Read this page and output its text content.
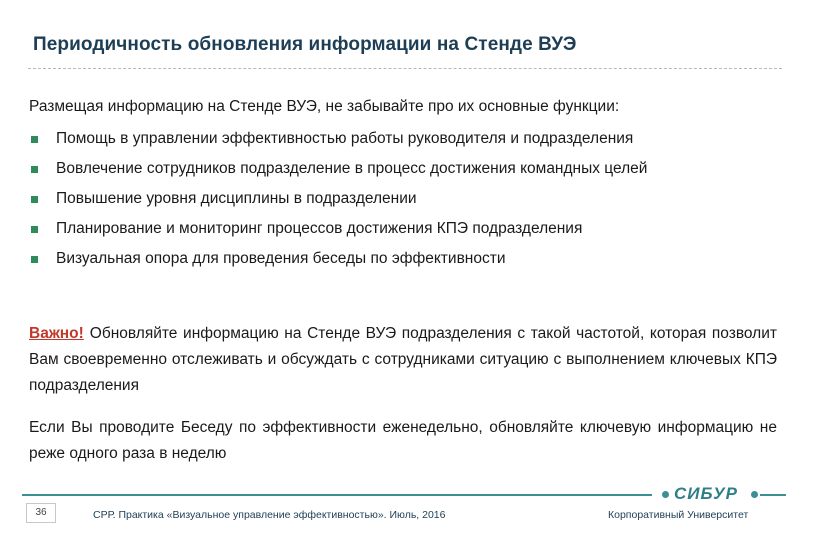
Периодичность обновления информации на Стенде ВУЭ
Размещая информацию на Стенде ВУЭ, не забывайте про их основные функции:
Помощь в управлении эффективностью работы руководителя и подразделения
Вовлечение сотрудников подразделение в процесс достижения командных целей
Повышение уровня дисциплины в подразделении
Планирование и мониторинг процессов достижения КПЭ подразделения
Визуальная опора для проведения беседы по эффективности
Важно! Обновляйте информацию на Стенде ВУЭ подразделения с такой частотой, которая позволит Вам своевременно отслеживать и обсуждать с сотрудниками ситуацию с выполнением ключевых КПЭ подразделения
Если Вы проводите Беседу по эффективности еженедельно, обновляйте ключевую информацию не реже одного раза в неделю
СИБУР
36	СРР. Практика «Визуальное управление эффективностью». Июль, 2016	Корпоративный Университет
